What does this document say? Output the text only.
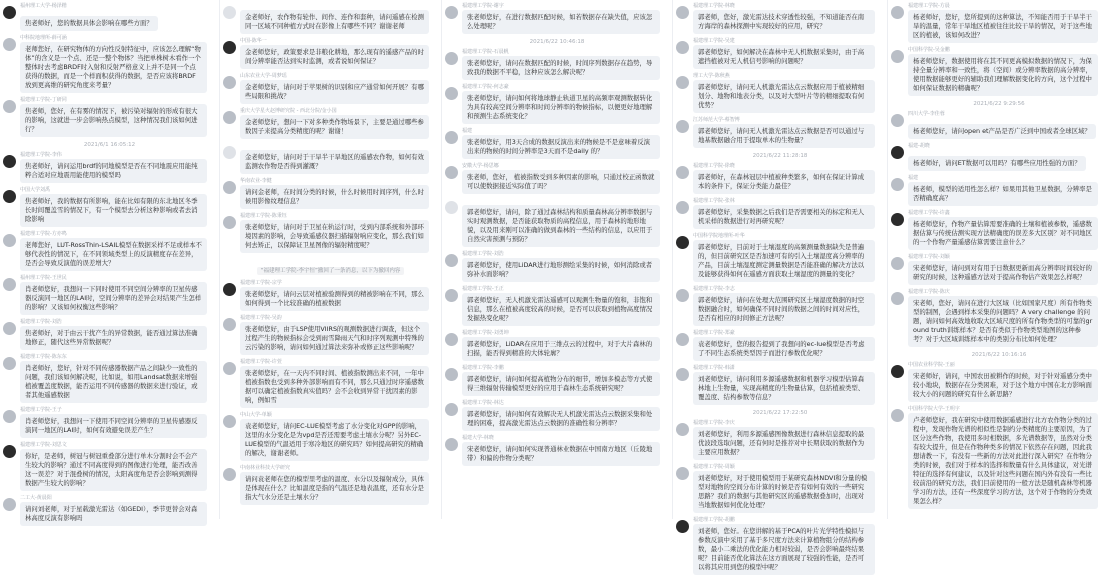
福州理工大学-杨泽楷
焦老师好，您的数据具体会影响在哪些方面？
中科院地理所-薛可涵
老师您好，在研究物体的方向性反射特征中，应该怎么理解“物体”的含义是一个点、还是一整个物体？当把单株树木看作一个整体时去考虑BRDF时入射和反射严格意义上并不是同一个点获得的数据，而是一个样面积获得的数据，是否应该将BRDF放到更高维的研究角度来考量？
福建理工学院-丁研同
焦老师，您好，在有雾的情况下，被污染对辐射的形成有很大的影响，这就进一步会影响热点模型，这种情况我们该如何进行？
2021/6/1 16:05:12
福建理工学院-李伟
焦老师好，请问运用brdf的同地模型是否在不同地震应用能纯粹合适对应地震用能使用的模型吗
中国大学刘禹
焦老师好，我的数据有所影响，能在比如有限的东北地区冬季长时间覆盖雪的情况下，有一个模型去分析这种影响或者去消除影响
福建理工学院-方亦鸣
老师您好，LUT-RossThin-LSAIL模型在数据采样不足或样本不够代表性的情况下，在不同领域类型上的反演精度存在差异，是否会导致反演值的误差增大？
福州理工学院-王世民
肖老师您好，我想问一下同时使用不同空间分辨率的卫星传感器反演同一地区的LAI时，空间分辨率的差异会对结果产生怎样的影响？又该如何权衡这些影响？
福建理工学院-刘浩
焦老师好，对于由云干扰产生的异常数据，能否通过算法准确地修正，随代这些异常数据呢？
福建理工学院-陈东东
肖老师好，您好，针对不同传感器数据产品之间缺少一致性的问题，我们该如何解决呢，比如说，如用Landsat数据来增强植被覆盖度数据，能否运用不同传感器的数据来进行验证，或者其他遥感数据
福建理工学院-王子
肖老师您好，我想问一下使用不同空间分辨率的卫星传感器反演同一地区的LAI时，如何有效避免误差产生？
福建理工学院-刘思文
你好，是老师，树冠与树冠重叠部分进行单木分割时会不会产生较大的影响？通过不同高度得到的图像进行处理，能否改善这一误差？对于混叠树的情况，太阳高度角是否会影响到测得数据产生较大的影响？
二工大-黄晨阳
请问刘老师，对于星载激光雷达（如GEDI），季节更替会对森林高度反演有影响吗
金老师好，农作物有轮作、间作、连作和套种，请问遥感在检测同一区域不同种植方式时在影像上有哪些不同？谢谢老师
中国-陈华一
金老师您好，政策要求是非粮化耕地，那么现有的遥感产品的时间分辨率能否达到实时监测，或者说如何保证？
山东农业大学-周梦瑶
金老师您好，请问对于苹果树的识别和应产通常如何开展？有哪些局限和挑战？
重庆大学星火赵博研究院 - 西北分院/金小国
金老师您好，想问一下对多种类作物场景下，主要是通过哪些参数因子来提高分类精度的呢？谢谢！
金老师您好，请问对于干旱半干旱地区的遥感农作物，如何有效监测农作物是否得到灌溉？
华南农业-李健
请问金老师，在时间分类的时候，什么时候用时间序列，什么时候用影像纹理信息？
福建理工学院-陈秉钰
张老师您好，请问对于卫星在轨运行时，受到内部系统和外部环境因素的影响，会导致遥感仪器扫描辐射响应变化，那么我们如何去矫正，以保障证卫星图像的辐射精度呢？
“福建理工学院-李宇恒”撤回了一条消息，以下为撤回内容
福建理工学院-宗学
张老师您好，请问云层对植被验测得到的精被影响在不同，那么如何得到一个比较准确的植被数据
福建理工学院-吴韵
张老师您好，由于LSP使用VIIRS的观测数据进行调查，但这个过程产生的物候指标会受到雨雪降雨天气和时序列观测中特殊的云污染的影响，请问如何通过算法来弥补或修正这些影响呢？
福建理工学院-许萱
张老师您好，在一天内不同时间、植被指数测出来不同，一年中植被指数也受到多种外部影响而有不同，那么只通过时序遥感数据可以确定植被指数真实值吗？会不会收到异常干扰因素的影响，例如雪
中山大学-单颖
袁老师您好，请问EC-LUE模型考虑了水分变化对GPP的影响，这里的水分变化是为vpd是否还需要考虑土壤水分呢？另外EC-LUE模型的气温适用于寒冷地区的研究吗？如何提高研究的精确的解决，谢谢老师。
中南林业科技大学研究
请问袁老师在您的模型里考虑的温度、水分以及辐射成分，具体是体现在什么？比如温度是指的气温还是地表温度，还有水分是指大气水分还是土壤水分？
福建理工学院-谢宇
张老师您好，在进行数据匹配时候，如若数据存在缺失值，应该怎么处理呢？
2021/6/22 10:46:18
福建理工学院-石晨帆
张老师您好，请问在数据匹配的时候，时间序列数据存在趋势，导致我的数据不平稳，这种应该怎么解决呢？
福建理工学院-何志豪
张老师您好，请问如何将地球静止轨道卫星的高频率观测数据转化为具有较高空间分辨率和时间分辨率的物候指标，以便更好地理解和预测生态系统变化？
福建
张老师您好，用3天合成的数据反演出来的物候是不是意味着反演出来的物候的时间分辨率是3天而不是daily 的？
安徽大学-杨思娜
张老师，您好， 植被指数受到多种因素的影响，只通过校正函数就可以使数据接近实际值了吗？
郭老师您好，请问，除了通过森林结构和质量森林高分辨率数据与实时观测数据，是否能获取物质的高程信息，用于森林的地形地貌，以及用来刚可以准确的做到森林的一些结构的信息，以应用于自然灾害预测与预防？
福建理工学院-刘浩
郭老师您好，使用LiDAR进行地形测绘采集的时候，如何消除或者弥补水面影响？
福建理工学院-王正
郭老师您好，无人机激光雷达遥感可以观测生物量的饱和，非饱和信息，那么在植被高度较高的时候，是否可以获取到植物高度情况发掘热变化呢？
福建理工学院-刘勇坤
郭老师您好，LiDAR在应用于三维点云的过程中，对于大片森林的扫描，能否得到精准的大体轮廓？
福建理工学院-李鹏
郭老师您好，请问如何提高植物分布的细节，增加多模态等方式使得三维辐射传输模型更好的应用于森林生态系统研究呢？
福建理工学院-林达
郭老师您好，请问如何有效解决无人机激光雷达点云数据采集和处理的困难，提高激光雷达点云数据的准确性和分辨率？
福建大学-林晓
宋老师您好，请问如何实现普通林业数据在中国南方地区（丘陵地带）和偏的作物分类呢？
福建理工学院-林晓
郭老师，您好，激光雷达技术穿透性较强，不知道能否在南方海岸的森林探测中实现较好的应用，研究？
福建理工学院-吴建
郭老师您好，如何解决在森林中无人机数据采集时，由于高遮挡植被对无人机信号影响的问题呢？
理工大学-陈秋燕
郭老师您好，请问无人机激光雷达点云数据应用于植被精细划分、地物和地表分类，以及对大型叶片等的精细提取有何优势？
江苏师范大学-蔡智博
郭老师您好，请问无人机激光雷达点云数据是否可以通过与地基数据融合用于提取单木的生物量？
2021/6/22 11:28:18
福建理工学院-徐晓
郭老师好，在森林冠层中植被种类繁多，如何在保证计算成本的条件下，保证分类能力最佳？
福建理工学院-张林
郭老师您好，采集数据之后我们是否需要相关的标定和无人机采样的数据进行对再研究呢？
中国科学院地理所-叶华
郭老师您好，目前对于土壤湿度的高频测量数据缺失是普遍的，但目前研究区是否加速可有的引入土壤湿度高分辨率的产品，目前土壤湿度测定测量数据是否能准确的解决方法以及能够获得如何在遥感方面获取土壤湿度的测量的变化？
福建理工学院-李志
郭老师您好，请问在处理大范围研究区土壤湿度数据的时空数据融合时，如何确保不同时间的数据之间的时间对应性，是否有相应的时间修正方法呢？
福建理工学院-郑豪
袁老师您好，您的报告提到了我想问的ec-lue模型是否考虑了不同生态系统类型因子而进行参数优化呢？
福建理工学院-韩潇
刘老师您好，请问利用多源遥感数据和机器学习模型估算森林地上生物量，实现高精度的生物量估算，包括植被类型、覆盖度、结构参数等信息？
2021/6/22 17:22:50
福建理工学院-李庆
刘老师您好，利用多源遥感图像数据进行森林信息提取的最优波段选取问题，还有何时是推荐对中长期获取的数据作为主要应用数据？
福建理工学院-周颖
刘老师您好，对于使用模型用于某研究森林NDVI和分量的模型对地物的空间分布计算的时候是否有如何有效的一些研究思路？我们的数据与其他研究区的遥感数据叠加时，出现对当地数据如何优化处理？
福建理工学院-胡鹏
刘老师，您好。在您讲解的基于PCA的叶片光学特性模拟与参数反演中采用了基于多尺度方法来计算植物组分的结构参数，最小二乘法的优化能力相对较弱，是否会影响最终结果呢？目前能否优化算法在这方面展现了较强的性能，是否可以将其应用到您的模型中呢？
福建理工学院-方晨
杨老师好，您好，您所提到的这种算法，不知能否用于干旱半干旱的温量，常年干旱地区植被往往比较干旱的情况，对于这些地区的植被，该如何改进？
中国科学院-吴金鹏
杨老师您好，数据使用将在其不同更高模拟数据的情况下，为保持全量分辨率和一致性，将（空间）或分辨率数据的高分辨率，使用数据能够更好的辅助我们理解数据变化的方向，这个过程中如何保证数据的精确呢？
2021/6/22 9:29:56
四川大学-李佳蓉
杨老师您好，请问open et产品是否广泛到中国或者全球区域？
福建-胡晓
杨老师好，请问ET数据可以用吗？有哪些应用性强的方面？
福建
杨老师，模型的适用性怎么样？如果用其他卫星数据，分辨率是否精确度高？
福建理工学院-许鑫
杨老师您好，作物产量估算需要准确的土壤和植被参数，遥感数据估算与传统估测实现方法精确度的误差多大区别？对不同地区的一个作物产量遥感估算需要注意什么？
福建理工学院-刘颖
宋老师您好，请问到对有用于日数据更新而高分辨率时间较好的研究的时候，这种遥感方法对于提高作物估产效果怎么样呢？
福建理工学院-陈庆
宋老师，您好，请问在进行大区域（比如国家尺度）所有作物类型的制图，会遇到样本采集的问题吗？A very challenge 的问题，请问如何高效地收取大区域尺度的所有作物类型的可靠的ground truth训练样本？是否有类似于作物类型地图的这种参考？对于大区域训练样本中的类别分布比如何处理？
2021/6/22 10:16:16
中国农业科学院-王丽
宋老师好，请问，中国农田被耕作的时候，对于针对遥感分类中较小地块，数据存在分类困难，对于这个地方中国在北方影响面较大小的问题的研究有什么新思路？
中国科学院大学-王明宇
卢老师您好，我在研究中使用数据遥感进行北方农作物分类的过程中，发现作物光谱的相似性是制约分类精度的主要原因，为了区分这些作物，我使用多时相数据，多光谱数据等，虽然对分类有较大提升，但是在作物种类多的情况下依然存在问题，因此我想请教一下，有没有一些新的方法对此进行深入研究？在作物分类的时候，我们对于样本的选择和数量有什么具体建议，对光谱特征的选择有何建议，以及针对这些问题在国内外有没有一些比较前沿的研究方法，我们目前使用的一般方法是随机森林等机器学习的方法，还有一些深度学习的方法，这个对于作物的分类效果怎么样？
